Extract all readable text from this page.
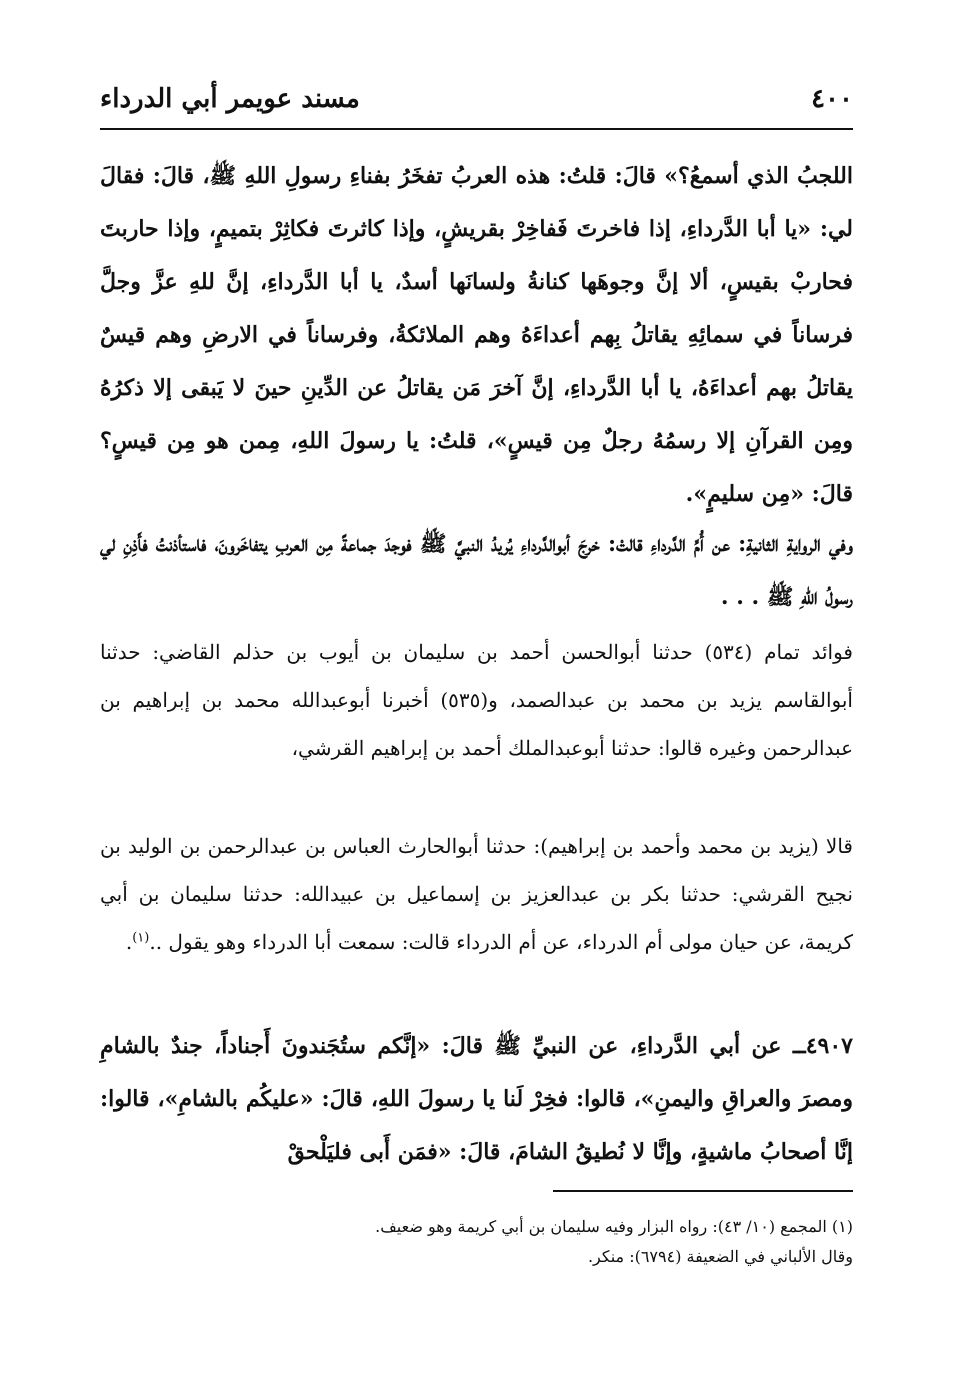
٤٠٠
مسند عويمر أبي الدرداء

اللجبُ الذي أسمعُ؟» قالَ: قلتُ: هذه العربُ تفخَرُ بفناءِ رسولِ اللهِ ﷺ، قالَ: فقالَ لي: «يا أبا الدَّرداءِ، إذا فاخرتَ فَفاخِرْ بقريشٍ، وإذا كاثرتَ فكاثِرْ بتميمٍ، وإذا حاربتَ فحاربْ بقيسٍ، ألا إنَّ وجوهَها كنانةُ ولسانَها أسدٌ، يا أبا الدَّرداءِ، إنَّ للهِ عزَّ وجلَّ فرساناً في سمائِهِ يقاتلُ بِهم أعداءَهُ وهم الملائكةُ، وفرساناً في الارضِ وهم قيسٌ يقاتلُ بهم أعداءَهُ، يا أبا الدَّرداءِ، إنَّ آخرَ مَن يقاتلُ عن الدِّينِ حينَ لا يَبقى إلا ذكرُهُ ومِن القرآنِ إلا رسمُهُ رجلٌ مِن قيسٍ»، قلتُ: يا رسولَ اللهِ، مِمن هو مِن قيسٍ؟ قالَ: «مِن سليمٍ».

وفي الروايةِ الثانيةِ: عن أُمِّ الدَّرداءِ قالتْ: خرجَ أبوالدَّرداءِ يُريدُ النبيَّ ﷺ فوجدَ جماعةً مِن العربِ يتفاخَرونَ، فاستأذنتُ فأَذِنِ لي رسولُ اللهِ ﷺ . . .

فوائد تمام (٥٣٤) حدثنا أبوالحسن أحمد بن سليمان بن أيوب بن حذلم القاضي: حدثنا أبوالقاسم يزيد بن محمد بن عبدالصمد، و(٥٣٥) أخبرنا أبوعبدالله محمد بن إبراهيم بن عبدالرحمن وغيره قالوا: حدثنا أبوعبدالملك أحمد بن إبراهيم القرشي،

قالا (يزيد بن محمد وأحمد بن إبراهيم): حدثنا أبوالحارث العباس بن عبدالرحمن بن الوليد بن نجيح القرشي: حدثنا بكر بن عبدالعزيز بن إسماعيل بن عبيدالله: حدثنا سليمان بن أبي كريمة، عن حيان مولى أم الدرداء، عن أم الدرداء قالت: سمعت أبا الدرداء وهو يقول ..$^{(١)}$.

٤٩٠٧ــ عن أبي الدَّرداءِ، عن النبيِّ ﷺ قالَ: «إنَّكم ستُجَندونَ أَجناداً، جندٌ بالشامِ ومصرَ والعراقِ واليمنِ»، قالوا: فخِرْ لَنا يا رسولَ اللهِ، قالَ: «عليكُم بالشامِ»، قالوا: إنَّا أصحابُ ماشيةٍ، وإنَّا لا نُطيقُ الشامَ، قالَ: «فمَن أَبى فليَلْحقْ

(١) المجمع (١٠/ ٤٣): رواه البزار وفيه سليمان بن أبي كريمة وهو ضعيف.

وقال الألباني في الضعيفة (٦٧٩٤): منكر.
